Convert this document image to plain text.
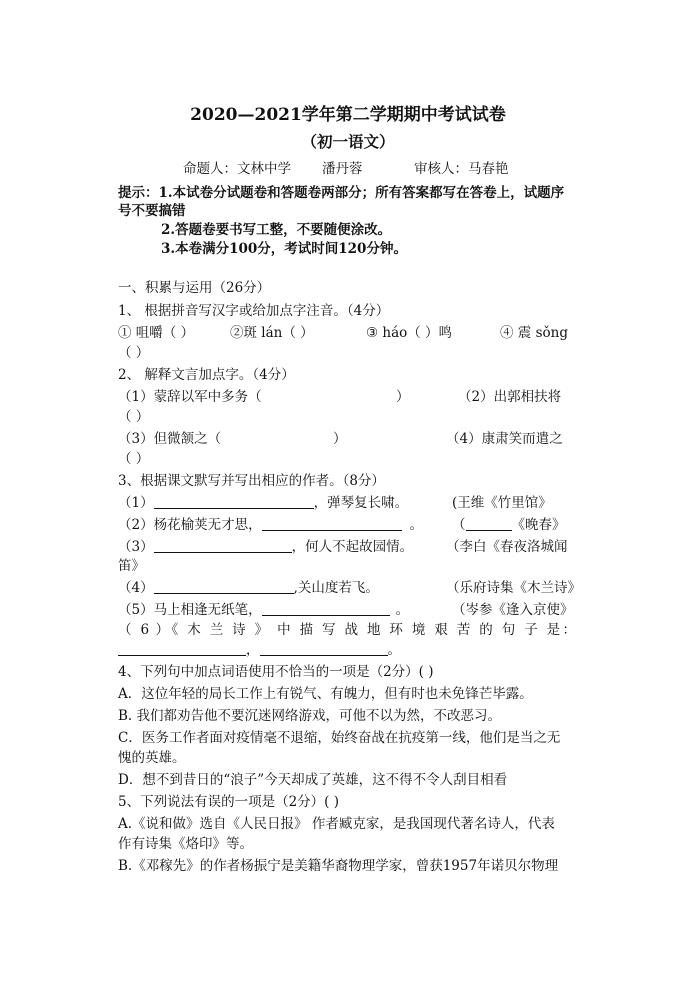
2020—2021学年第二学期期中考试试卷
（初一语文）
命题人：文林中学 潘丹蓉	审核人：马春艳
提示：1.本试卷分试题卷和答题卷两部分；所有答案都写在答卷上，试题序
号不要搞错
2.答题卷要书写工整，不要随便涂改。
3.本卷满分100分，考试时间120分钟。
一、积累与运用（26分）
1、 根据拼音写汉字或给加点字注音。（4分）
① 咀嚼（ ）	②斑 lán（ ）	③ háo（ ）鸣	④ 震 sǒng
（ ）
2、 解释文言加点字。（4分）
（1）蒙辞以军中多务（	）	（2）出郭相扶将
（ ）
（3）但微颔之（	）	（4）康肃笑而遣之
（ ）
3、根据课文默写并写出相应的作者。（8分）
（1）	，弹琴复长啸。	(王维《竹里馆》
（2）杨花榆荚无才思，	。 （	《晚春》
（3）	，何人不起故园情。 （李白《春夜洛城闻
笛》
（4）	,关山度若飞。	（乐府诗集《木兰诗》
（5）马上相逢无纸笔，	。	（岑参《逢入京使》
（ 6 ）《 木 兰 诗 》 中 描 写 战 地 环 境 艰 苦 的 句 子 是：
，	。
4、下列句中加点词语使用不恰当的一项是（2分）( )
A．这位年轻的局长工作上有锐气、有魄力，但有时也未免锋芒毕露。
B. 我们都劝告他不要沉迷网络游戏，可他不以为然，不改恶习。
C．医务工作者面对疫情毫不退缩，始终奋战在抗疫第一线，他们是当之无
愧的英雄。
D．想不到昔日的“浪子”今天却成了英雄，这不得不令人刮目相看
5、下列说法有误的一项是（2分）( )
A.《说和做》选自《人民日报》 作者臧克家，是我国现代著名诗人，代表
作有诗集《烙印》等。
B.《邓稼先》的作者杨振宁是美籍华裔物理学家，曾获1957年诺贝尔物理
